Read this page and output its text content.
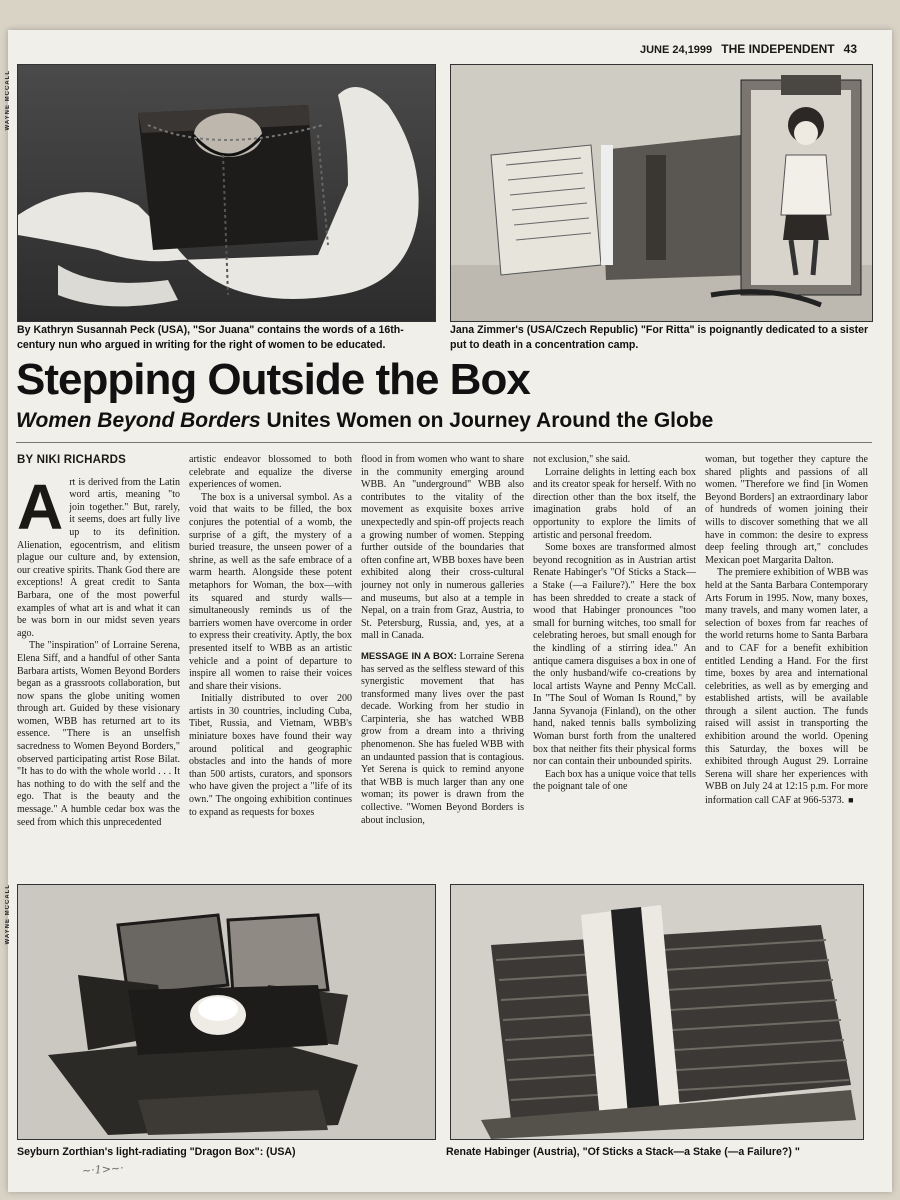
JUNE 24,1999 THE INDEPENDENT 43
WAYNE MCCALL
By Kathryn Susannah Peck (USA), "Sor Juana" contains the words of a 16th-century nun who argued in writing for the right of women to be educated.
Jana Zimmer's (USA/Czech Republic) "For Ritta" is poignantly dedicated to a sister put to death in a concentration camp.
Stepping Outside the Box
Women Beyond Borders Unites Women on Journey Around the Globe
BY NIKI RICHARDS

Art is derived from the Latin word artis, meaning "to join together." But, rarely, it seems, does art fully live up to its definition. Alienation, egocentrism, and elitism plague our culture and, by extension, our creative spirits. Thank God there are exceptions! A great credit to Santa Barbara, one of the most powerful examples of what art is and what it can be was born in our midst seven years ago.

The "inspiration" of Lorraine Serena, Elena Siff, and a handful of other Santa Barbara artists, Women Beyond Borders began as a grassroots collaboration, but now spans the globe uniting women through art. Guided by these visionary women, WBB has returned art to its essence. "There is an unselfish sacredness to Women Beyond Borders," observed participating artist Rose Bilat. "It has to do with the whole world . . . It has nothing to do with the self and the ego. That is the beauty and the message." A humble cedar box was the seed from which this unprecedented

artistic endeavor blossomed to both celebrate and equalize the diverse experiences of women.

The box is a universal symbol. As a void that waits to be filled, the box conjures the potential of a womb, the surprise of a gift, the mystery of a buried treasure, the unseen power of a shrine, as well as the safe embrace of a warm hearth. Alongside these potent metaphors for Woman, the box—with its squared and sturdy walls—simultaneously reminds us of the barriers women have overcome in order to express their creativity. Aptly, the box presented itself to WBB as an artistic vehicle and a point of departure to inspire all women to raise their voices and share their visions.

Initially distributed to over 200 artists in 30 countries, including Cuba, Tibet, Russia, and Vietnam, WBB's miniature boxes have found their way around political and geographic obstacles and into the hands of more than 500 artists, curators, and sponsors who have given the project a "life of its own." The ongoing exhibition continues to expand as requests for boxes

flood in from women who want to share in the community emerging around WBB. An "underground" WBB also contributes to the vitality of the movement as exquisite boxes arrive unexpectedly and spin-off projects reach a growing number of women. Stepping further outside of the boundaries that often confine art, WBB boxes have been exhibited along their cross-cultural journey not only in numerous galleries and museums, but also at a temple in Nepal, on a train from Graz, Austria, to St. Petersburg, Russia, and, yes, at a mall in Canada.

MESSAGE IN A BOX: Lorraine Serena has served as the selfless steward of this synergistic movement that has transformed many lives over the past decade. Working from her studio in Carpinteria, she has watched WBB grow from a dream into a thriving phenomenon. She has fueled WBB with an undaunted passion that is contagious. Yet Serena is quick to remind anyone that WBB is much larger than any one woman; its power is drawn from the collective. "Women Beyond Borders is about inclusion,

not exclusion," she said.

Lorraine delights in letting each box and its creator speak for herself. With no direction other than the box itself, the imagination grabs hold of an opportunity to explore the limits of artistic and personal freedom.

Some boxes are transformed almost beyond recognition as in Austrian artist Renate Habinger's "Of Sticks a Stack—a Stake (—a Failure?)." Here the box has been shredded to create a stack of wood that Habinger pronounces "too small for burning witches, too small for celebrating heroes, but small enough for the kindling of a stirring idea." An antique camera disguises a box in one of the only husband/wife co-creations by local artists Wayne and Penny McCall. In "The Soul of Woman Is Round," by Janna Syvanoja (Finland), on the other hand, naked tennis balls symbolizing Woman burst forth from the unaltered box that neither fits their physical forms nor can contain their unbounded spirits.

Each box has a unique voice that tells the poignant tale of one

woman, but together they capture the shared plights and passions of all women. "Therefore we find [in Women Beyond Borders] an extraordinary labor of hundreds of women joining their wills to discover something that we all have in common: the desire to express deep feeling through art," concludes Mexican poet Margarita Dalton.

The premiere exhibition of WBB was held at the Santa Barbara Contemporary Arts Forum in 1995. Now, many boxes, many travels, and many women later, a selection of boxes from far reaches of the world returns home to Santa Barbara and to CAF for a benefit exhibition entitled Lending a Hand. For the first time, boxes by area and international celebrities, as well as by emerging and established artists, will be available through a silent auction. The funds raised will assist in transporting the exhibition around the world. Opening this Saturday, the boxes will be exhibited through August 29. Lorraine Serena will share her experiences with WBB on July 24 at 12:15 p.m. For more information call CAF at 966-5373. ■

WAYNE MCCALL
Seyburn Zorthian's light-radiating "Dragon Box": (USA)	Renate Habinger (Austria), "Of Sticks a Stack—a Stake (—a Failure?) "
~·1>~·
